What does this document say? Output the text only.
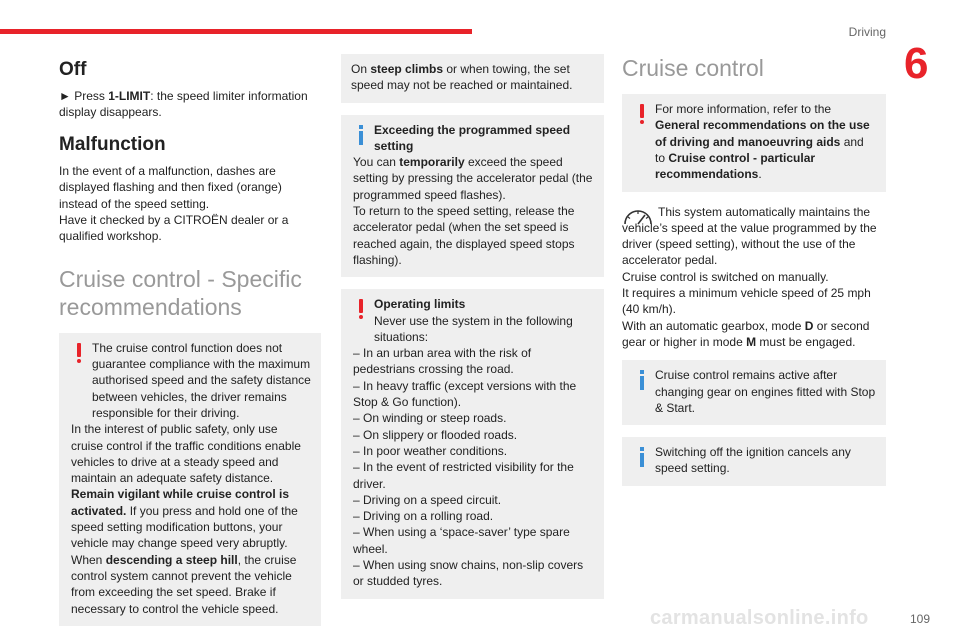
Driving
6
Off

► Press 1-LIMIT: the speed limiter information display disappears.

Malfunction

In the event of a malfunction, dashes are displayed flashing and then fixed (orange) instead of the speed setting.

Have it checked by a CITROËN dealer or a qualified workshop.

Cruise control - Specific recommendations

The cruise control function does not guarantee compliance with the maximum authorised speed and the safety distance between vehicles, the driver remains responsible for their driving.

In the interest of public safety, only use cruise control if the traffic conditions enable vehicles to drive at a steady speed and maintain an adequate safety distance.

Remain vigilant while cruise control is activated. If you press and hold one of the speed setting modification buttons, your vehicle may change speed very abruptly.

When descending a steep hill, the cruise control system cannot prevent the vehicle from exceeding the set speed. Brake if necessary to control the vehicle speed.

On steep climbs or when towing, the set speed may not be reached or maintained.

Exceeding the programmed speed setting

You can temporarily exceed the speed setting by pressing the accelerator pedal (the programmed speed flashes).

To return to the speed setting, release the accelerator pedal (when the set speed is reached again, the displayed speed stops flashing).

Operating limits

Never use the system in the following situations:

– In an urban area with the risk of pedestrians crossing the road.

– In heavy traffic (except versions with the Stop & Go function).

– On winding or steep roads.

– On slippery or flooded roads.

– In poor weather conditions.

– In the event of restricted visibility for the driver.

– Driving on a speed circuit.

– Driving on a rolling road.

– When using a ‘space-saver’ type spare wheel.

– When using snow chains, non-slip covers or studded tyres.

Cruise control

For more information, refer to the General recommendations on the use of driving and manoeuvring aids and to Cruise control - particular recommendations.

This system automatically maintains the vehicle’s speed at the value programmed by the driver (speed setting), without the use of the accelerator pedal.

Cruise control is switched on manually.

It requires a minimum vehicle speed of 25 mph (40 km/h).

With an automatic gearbox, mode D or second gear or higher in mode M must be engaged.

Cruise control remains active after changing gear on engines fitted with Stop & Start.

Switching off the ignition cancels any speed setting.

carmanualsonline.info	109
